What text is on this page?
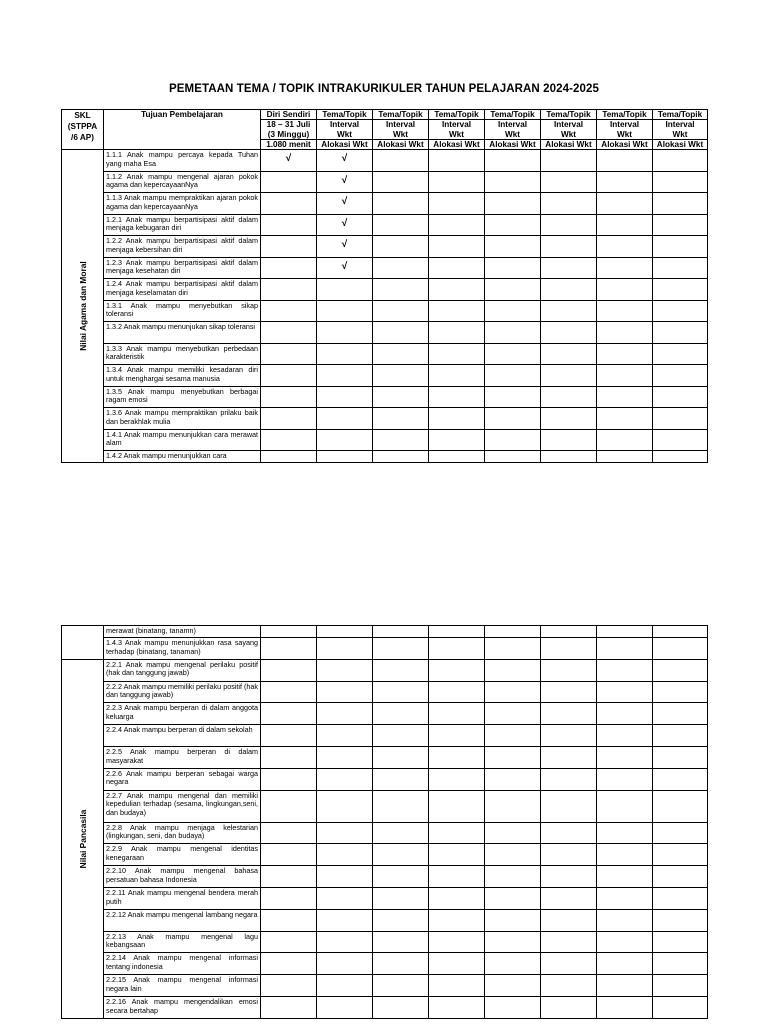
PEMETAAN TEMA / TOPIK INTRAKURIKULER TAHUN PELAJARAN 2024-2025
SKL (STPPA /6 AP)	Tujuan Pembelajaran	Diri Sendiri	Tema/Topik	Tema/Topik	Tema/Topik	Tema/Topik	Tema/Topik	Tema/Topik	Tema/Topik
		18 – 31 Juli	Interval	Interval	Interval	Interval	Interval	Interval	Interval
		(3 Minggu)	Wkt	Wkt	Wkt	Wkt	Wkt	Wkt	Wkt
		1.080 menit	Alokasi Wkt	Alokasi Wkt	Alokasi Wkt	Alokasi Wkt	Alokasi Wkt	Alokasi Wkt	Alokasi Wkt

Nilai Agama dan Moral	1.1.1 Anak mampu percaya kepada Tuhan yang maha Esa	√	√						
	1.1.2 Anak mampu mengenal ajaran pokok agama dan kepercayaanNya		√						
	1.1.3 Anak mampu mempraktikan ajaran pokok agama dan kepercayaanNya		√						
	1.2.1 Anak mampu berpartisipasi aktif dalam menjaga kebugaran diri		√						
	1.2.2 Anak mampu berpartisipasi aktif dalam menjaga kebersihan diri		√						
	1.2.3 Anak mampu berpartisipasi aktif dalam menjaga kesehatan diri		√						
	1.2.4 Anak mampu berpartisipasi aktif dalam menjaga keselamatan diri								
	1.3.1 Anak mampu menyebutkan sikap toleransi								
	1.3.2 Anak mampu menunjukan sikap toleransi								
	1.3.3 Anak mampu menyebutkan perbedaan karakteristik								
	1.3.4 Anak mampu memiliki kesadaran diri untuk menghargai sesama manusia								
	1.3.5 Anak mampu menyebutkan berbagai ragam emosi								
	1.3.6 Anak mampu mempraktikan prilaku baik dan berakhlak mulia								
	1.4.1 Anak mampu menunjukkan cara merawat alam								
	1.4.2 Anak mampu menunjukkan cara								
	merawat (binatang, tanamn)								
	1.4.3 Anak mampu menunjukkan rasa sayang terhadap (binatang, tanaman)								

Nilai Pancasila	2.2.1 Anak mampu mengenal perilaku positif (hak dan tanggung jawab)								
	2.2.2 Anak mampu memiliki perilaku positif (hak dan tanggung jawab)								
	2.2.3 Anak mampu berperan di dalam anggota keluarga								
	2.2.4 Anak mampu berperan di dalam sekolah								
	2.2.5 Anak mampu berperan di dalam masyarakat								
	2.2.6 Anak mampu berperan sebagai warga negara								
	2.2.7 Anak mampu mengenal dan memiliki kepedulian terhadap (sesama, lingkungan,seni, dan budaya)								
	2.2.8 Anak mampu menjaga kelestarian (lingkungan, seni, dan budaya)								
	2.2.9 Anak mampu mengenal identitas kenegaraan								
	2.2.10 Anak mampu mengenal bahasa persatuan bahasa Indonesia								
	2.2.11 Anak mampu mengenal bendera merah putih								
	2.2.12 Anak mampu mengenal lambang negara								
	2.2.13 Anak mampu mengenal lagu kebangsaan								
	2.2.14 Anak mampu mengenal informasi tentang indonesia								
	2.2.15 Anak mampu mengenal informasi negara lain								
	2.2.16 Anak mampu mengendalikan emosi secara bertahap								
